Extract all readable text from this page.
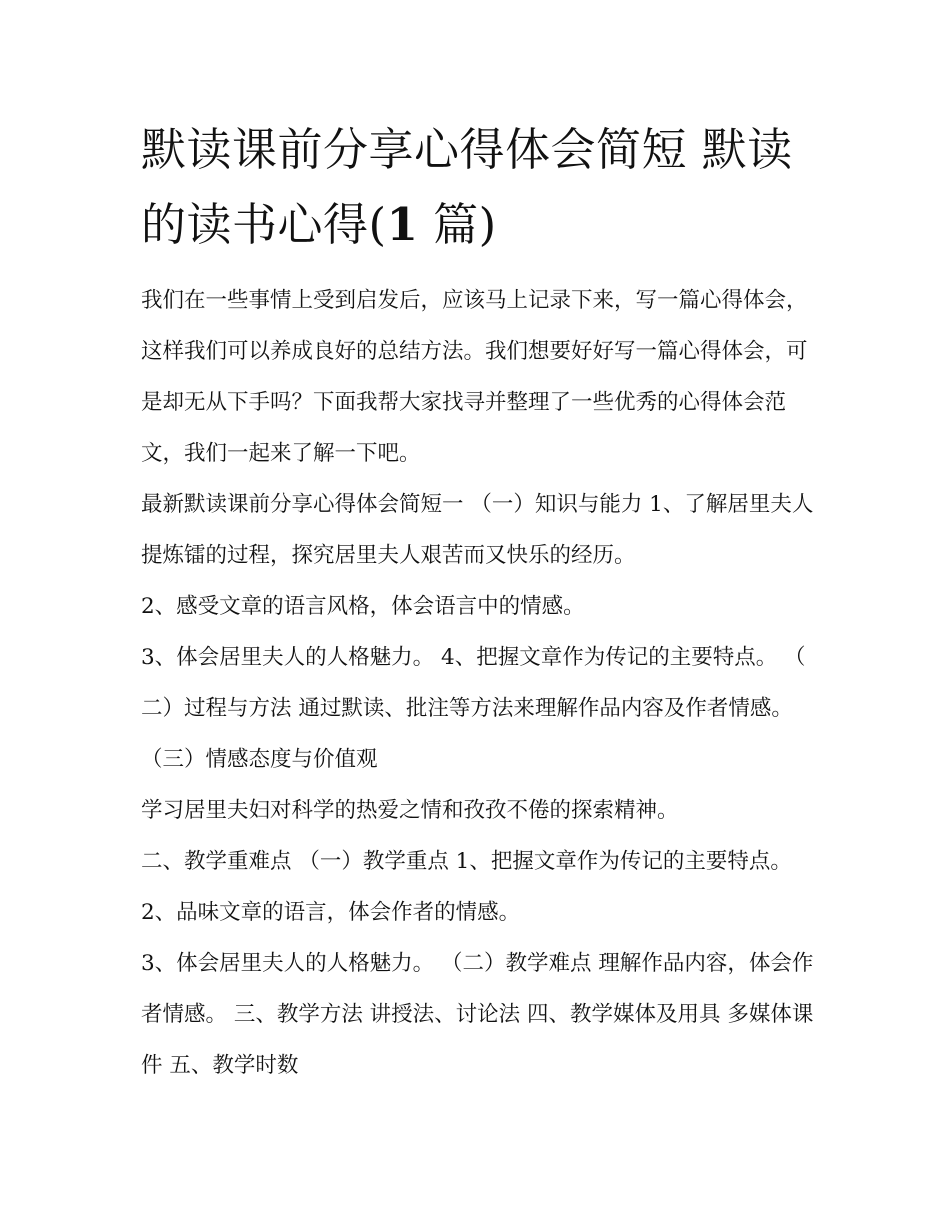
默读课前分享心得体会简短 默读的读书心得(1 篇)

我们在一些事情上受到启发后，应该马上记录下来，写一篇心得体会，这样我们可以养成良好的总结方法。我们想要好好写一篇心得体会，可是却无从下手吗？下面我帮大家找寻并整理了一些优秀的心得体会范文，我们一起来了解一下吧。

最新默读课前分享心得体会简短一 （一）知识与能力 1、了解居里夫人提炼镭的过程，探究居里夫人艰苦而又快乐的经历。

2、感受文章的语言风格，体会语言中的情感。

3、体会居里夫人的人格魅力。 4、把握文章作为传记的主要特点。 （ 二）过程与方法 通过默读、批注等方法来理解作品内容及作者情感。 （三）情感态度与价值观

学习居里夫妇对科学的热爱之情和孜孜不倦的探索精神。

二、教学重难点 （一）教学重点 1、把握文章作为传记的主要特点。 2、品味文章的语言，体会作者的情感。

3、体会居里夫人的人格魅力。 （二）教学难点 理解作品内容，体会作者情感。 三、教学方法 讲授法、讨论法 四、教学媒体及用具 多媒体课件 五、教学时数
